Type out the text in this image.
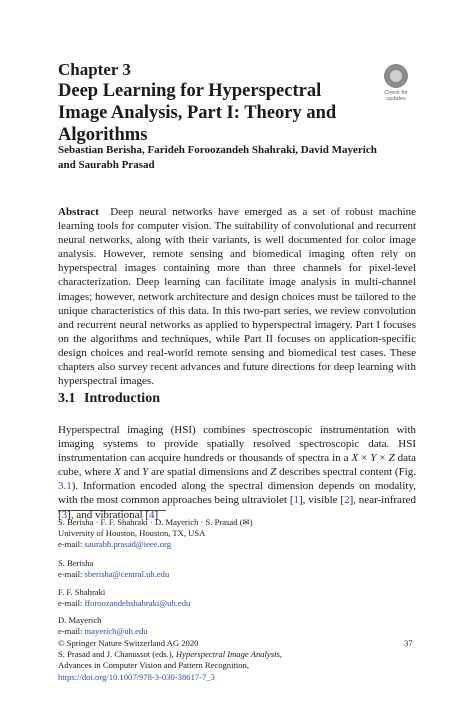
Chapter 3
Deep Learning for Hyperspectral Image Analysis, Part I: Theory and Algorithms
Check for
updates
Sebastian Berisha, Farideh Foroozandeh Shahraki, David Mayerich
and Saurabh Prasad
Abstract Deep neural networks have emerged as a set of robust machine learning tools for computer vision. The suitability of convolutional and recurrent neural networks, along with their variants, is well documented for color image analysis. However, remote sensing and biomedical imaging often rely on hyperspectral images containing more than three channels for pixel-level characterization. Deep learning can facilitate image analysis in multi-channel images; however, network architecture and design choices must be tailored to the unique characteristics of this data. In this two-part series, we review convolution and recurrent neural networks as applied to hyperspectral imagery. Part I focuses on the algorithms and techniques, while Part II focuses on application-specific design choices and real-world remote sensing and biomedical test cases. These chapters also survey recent advances and future directions for deep learning with hyperspectral images.
3.1 Introduction
Hyperspectral imaging (HSI) combines spectroscopic instrumentation with imaging systems to provide spatially resolved spectroscopic data. HSI instrumentation can acquire hundreds or thousands of spectra in a X × Y × Z data cube, where X and Y are spatial dimensions and Z describes spectral content (Fig. 3.1). Information encoded along the spectral dimension depends on modality, with the most common approaches being ultraviolet [1], visible [2], near-infrared [3], and vibrational [4]
S. Berisha · F. F. Shahraki · D. Mayerich · S. Prasad (✉)
University of Houston, Houston, TX, USA
e-mail: saurabh.prasad@ieee.org
S. Berisha
e-mail: sberisha@central.uh.edu
F. F. Shahraki
e-mail: fforoozandehshahraki@uh.edu
D. Mayerich
e-mail: mayerich@uh.edu
© Springer Nature Switzerland AG 2020
S. Prasad and J. Chanussot (eds.), Hyperspectral Image Analysis,
Advances in Computer Vision and Pattern Recognition,
https://doi.org/10.1007/978-3-030-38617-7_3
37
